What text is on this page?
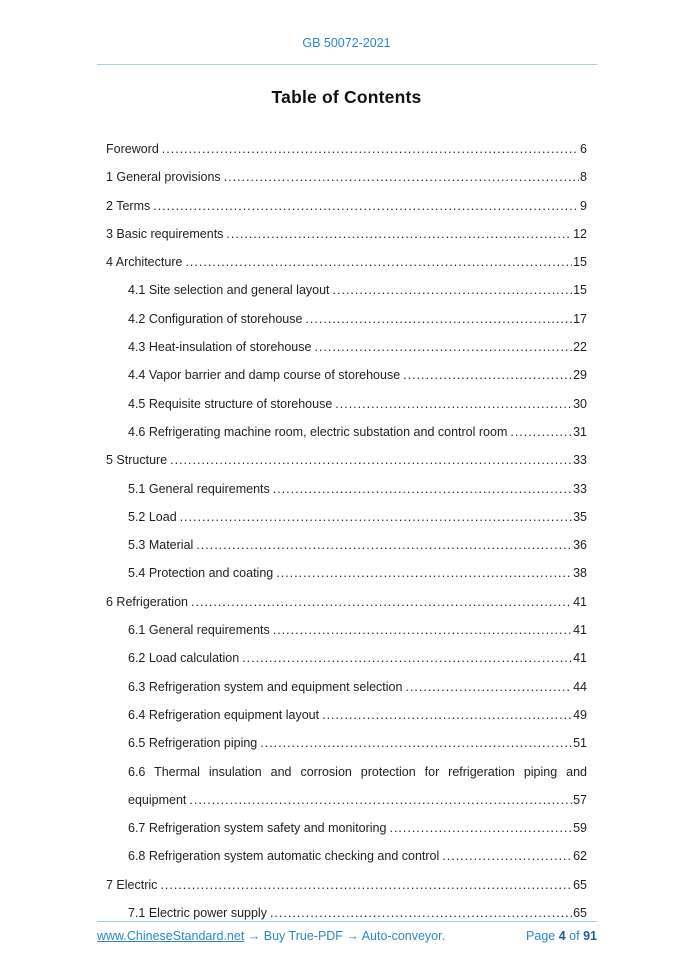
GB 50072-2021
Table of Contents
Foreword .....	6
1 General provisions .....	8
2 Terms .....	9
3 Basic requirements .....	12
4 Architecture .....	15
4.1 Site selection and general layout .....	15
4.2 Configuration of storehouse .....	17
4.3 Heat-insulation of storehouse .....	22
4.4 Vapor barrier and damp course of storehouse .....	29
4.5 Requisite structure of storehouse .....	30
4.6 Refrigerating machine room, electric substation and control room .....	31
5 Structure .....	33
5.1 General requirements .....	33
5.2 Load .....	35
5.3 Material .....	36
5.4 Protection and coating .....	38
6 Refrigeration .....	41
6.1 General requirements .....	41
6.2 Load calculation .....	41
6.3 Refrigeration system and equipment selection .....	44
6.4 Refrigeration equipment layout .....	49
6.5 Refrigeration piping .....	51
6.6 Thermal insulation and corrosion protection for refrigeration piping and
equipment .....	57
6.7 Refrigeration system safety and monitoring .....	59
6.8 Refrigeration system automatic checking and control .....	62
7 Electric .....	65
7.1 Electric power supply .....	65
www.ChineseStandard.net → Buy True-PDF → Auto-conveyor.	Page 4 of 91
